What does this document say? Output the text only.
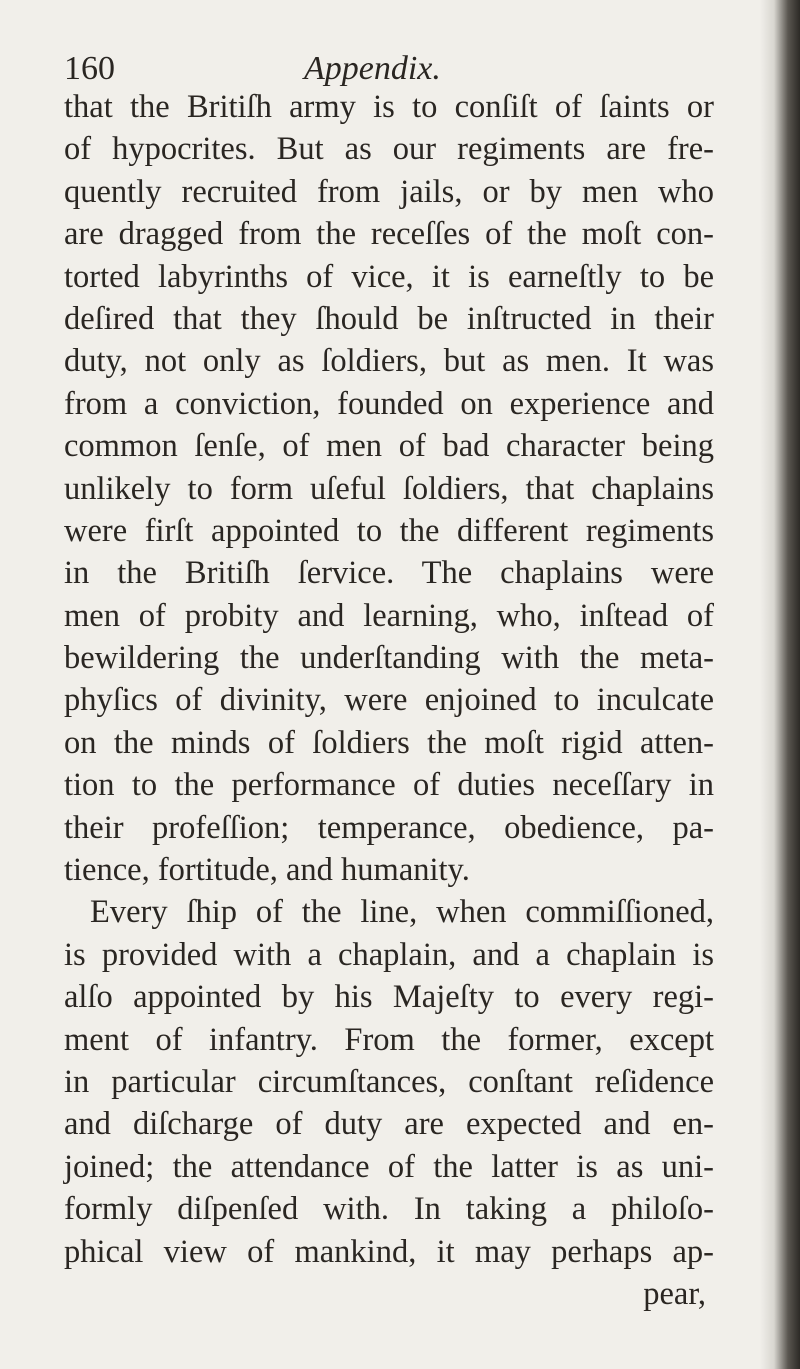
160	Appendix.
that the Britiſh army is to conſiſt of ſaints or
of hypocrites. But as our regiments are fre-
quently recruited from jails, or by men who
are dragged from the receſſes of the moſt con-
torted labyrinths of vice, it is earneſtly to be
deſired that they ſhould be inſtructed in their
duty, not only as ſoldiers, but as men. It was
from a conviction, founded on experience and
common ſenſe, of men of bad character being
unlikely to form uſeful ſoldiers, that chaplains
were firſt appointed to the different regiments
in the Britiſh ſervice. The chaplains were
men of probity and learning, who, inſtead of
bewildering the underſtanding with the meta-
phyſics of divinity, were enjoined to inculcate
on the minds of ſoldiers the moſt rigid atten-
tion to the performance of duties neceſſary in
their profeſſion; temperance, obedience, pa-
tience, fortitude, and humanity.
Every ſhip of the line, when commiſſioned,
is provided with a chaplain, and a chaplain is
alſo appointed by his Majeſty to every regi-
ment of infantry. From the former, except
in particular circumſtances, conſtant reſidence
and diſcharge of duty are expected and en-
joined; the attendance of the latter is as uni-
formly diſpenſed with. In taking a philoſo-
phical view of mankind, it may perhaps ap-
pear,
